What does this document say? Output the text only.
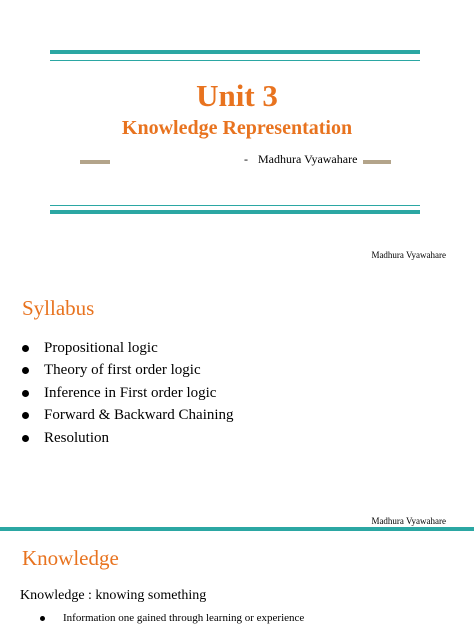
Unit 3
Knowledge Representation
- Madhura Vyawahare
Madhura Vyawahare
Syllabus
Propositional logic
Theory of first order logic
Inference in First order logic
Forward & Backward Chaining
Resolution
Madhura Vyawahare
Knowledge
Knowledge : knowing something
Information one gained through learning or experience
